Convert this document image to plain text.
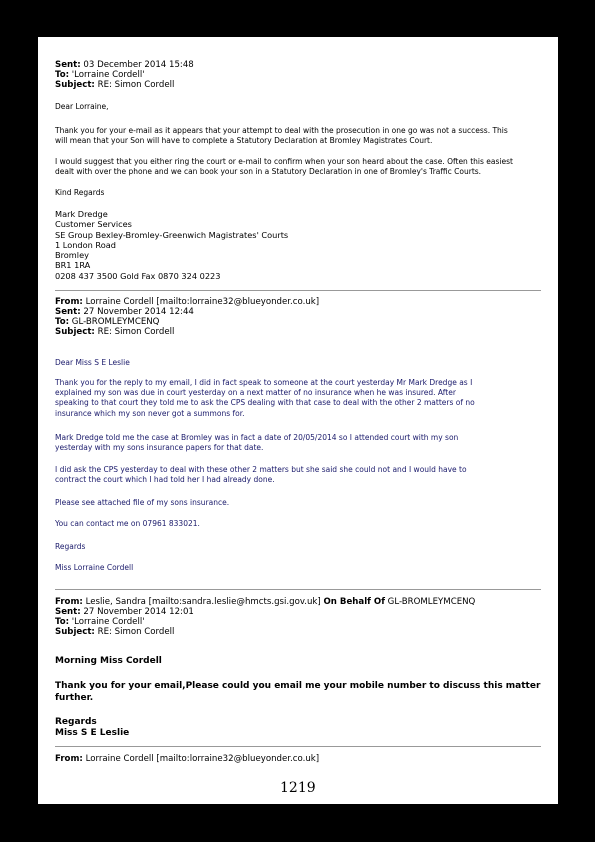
Sent: 03 December 2014 15:48
To: 'Lorraine Cordell'
Subject: RE: Simon Cordell
Dear Lorraine,
Thank you for your e-mail as it appears that your attempt to deal with the prosecution in one go was not a success. This
will mean that your Son will have to complete a Statutory Declaration at Bromley Magistrates Court.
I would suggest that you either ring the court or e-mail to confirm when your son heard about the case. Often this easiest
dealt with over the phone and we can book your son in a Statutory Declaration in one of Bromley's Traffic Courts.
Kind Regards
Mark Dredge
Customer Services
SE Group Bexley-Bromley-Greenwich Magistrates' Courts
1 London Road
Bromley
BR1 1RA
0208 437 3500 Gold Fax 0870 324 0223
From: Lorraine Cordell [mailto:lorraine32@blueyonder.co.uk]
Sent: 27 November 2014 12:44
To: GL-BROMLEYMCENQ
Subject: RE: Simon Cordell
Dear Miss S E Leslie
Thank you for the reply to my email, I did in fact speak to someone at the court yesterday Mr Mark Dredge as I
explained my son was due in court yesterday on a next matter of no insurance when he was insured. After
speaking to that court they told me to ask the CPS dealing with that case to deal with the other 2 matters of no
insurance which my son never got a summons for.
Mark Dredge told me the case at Bromley was in fact a date of 20/05/2014 so I attended court with my son
yesterday with my sons insurance papers for that date.
I did ask the CPS yesterday to deal with these other 2 matters but she said she could not and I would have to
contract the court which I had told her I had already done.
Please see attached file of my sons insurance.
You can contact me on 07961 833021.
Regards
Miss Lorraine Cordell
From: Leslie, Sandra [mailto:sandra.leslie@hmcts.gsi.gov.uk] On Behalf Of GL-BROMLEYMCENQ
Sent: 27 November 2014 12:01
To: 'Lorraine Cordell'
Subject: RE: Simon Cordell
Morning Miss Cordell
Thank you for your email,Please could you email me your mobile number to discuss this matter
further.
Regards
Miss S E Leslie
From: Lorraine Cordell [mailto:lorraine32@blueyonder.co.uk]
1219
